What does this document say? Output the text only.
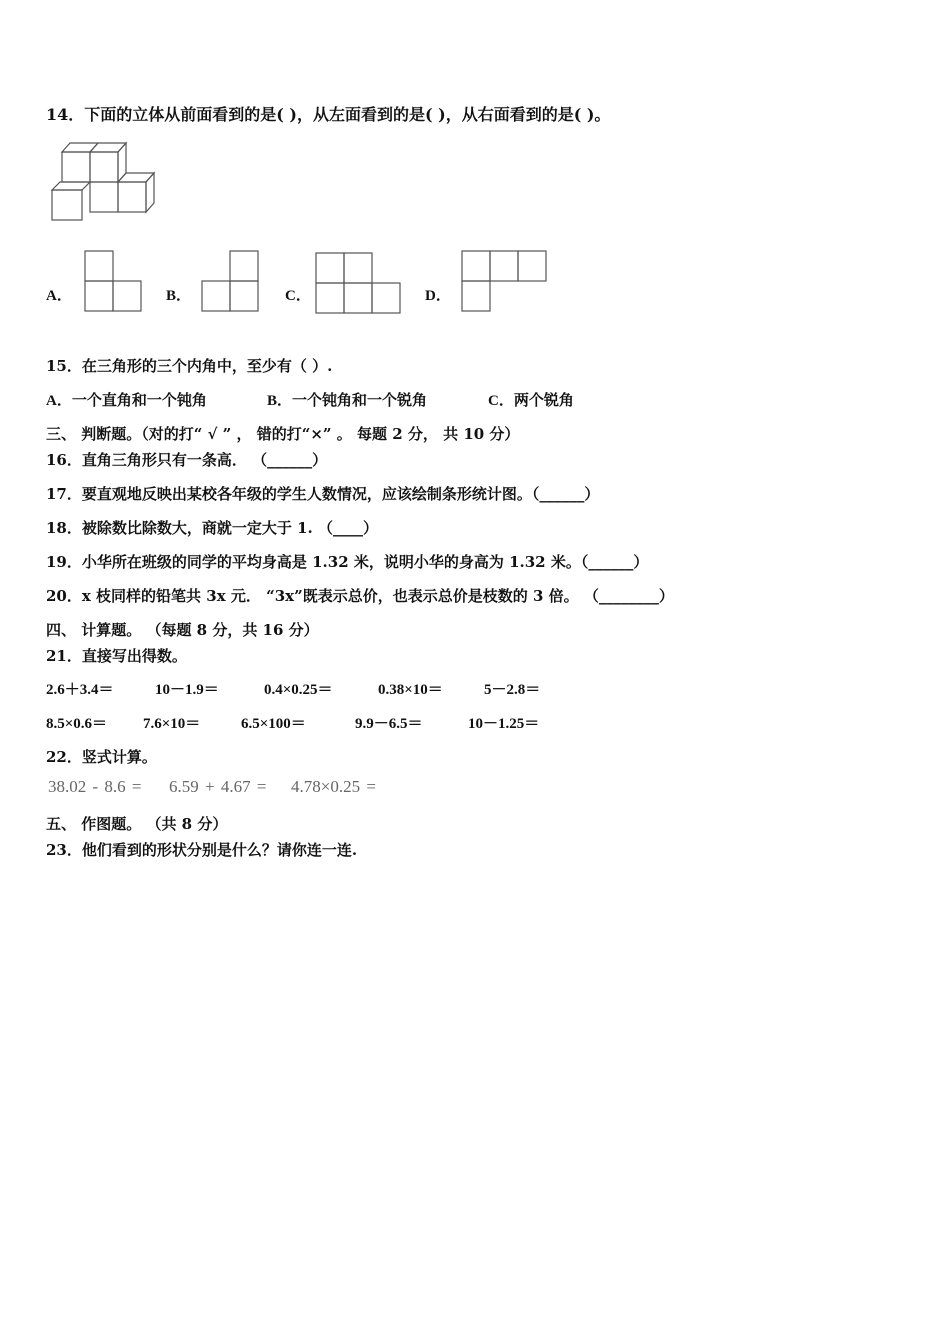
14．下面的立体从前面看到的是( )，从左面看到的是( )，从右面看到的是( )。
A．	B．	C．	D．
15．在三角形的三个内角中，至少有（ ）.
A．一个直角和一个钝角	B．一个钝角和一个锐角	C．两个锐角
三、 判断题。（对的打“ √ ” ， 错的打“×” 。 每题 2 分， 共 10 分）
16．直角三角形只有一条高． （______）
17．要直观地反映出某校各年级的学生人数情况，应该绘制条形统计图。（______）
18．被除数比除数大，商就一定大于 1. （____）
19．小华所在班级的同学的平均身高是 1.32 米，说明小华的身高为 1.32 米。（______）
20．x 枝同样的铅笔共 3x 元． “3x”既表示总价，也表示总价是枝数的 3 倍。 （________）
四、 计算题。 （每题 8 分，共 16 分）
21．直接写出得数。
2.6＋3.4＝	10－1.9＝	0.4×0.25＝	0.38×10＝	5－2.8＝
8.5×0.6＝ 7.6×10＝	6.5×100＝	9.9－6.5＝	10－1.25＝
22．竖式计算。
38.02 - 8.6 = 6.59 + 4.67 = 4.78×0.25 =
五、 作图题。 （共 8 分）
23．他们看到的形状分别是什么？请你连一连.
